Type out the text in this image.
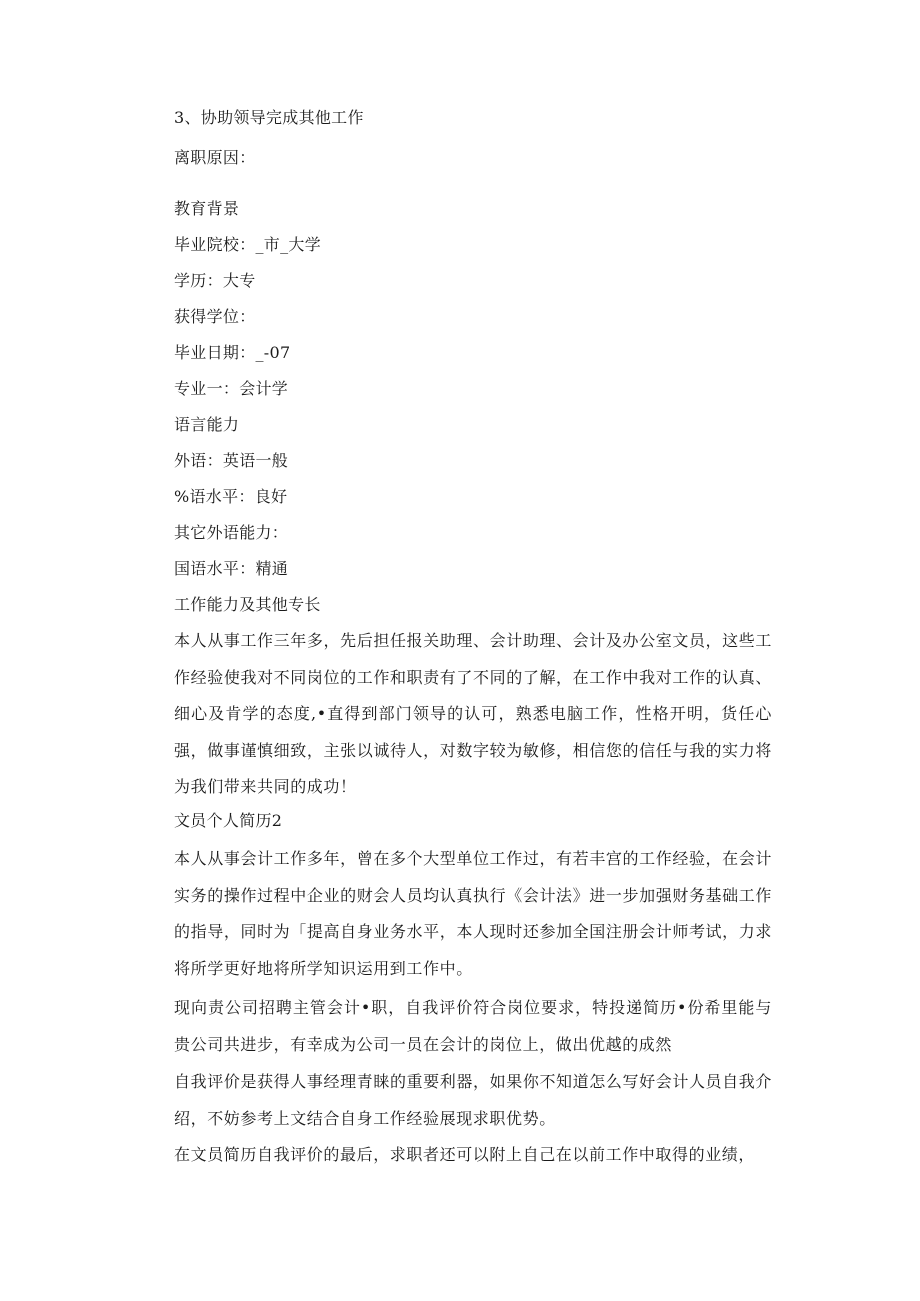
3、协助领导完成其他工作
离职原因：
教育背景
毕业院校：_市_大学
学历：大专
获得学位：
毕业日期：_-07
专业一：会计学
语言能力
外语：英语一般
%语水平：良好
其它外语能力：
国语水平：精通
工作能力及其他专长
本人从事工作三年多，先后担任报关助理、会计助理、会计及办公室文员，这些工作经验使我对不同岗位的工作和职责有了不同的了解，在工作中我对工作的认真、细心及肯学的态度,•直得到部门领导的认可，熟悉电脑工作，性格开明，货任心强，做事谨慎细致，主张以诚待人，对数字较为敏修，相信您的信任与我的实力将为我们带来共同的成功！
文员个人简历2
本人从事会计工作多年，曾在多个大型单位工作过，有若丰宫的工作经验，在会计实务的操作过程中企业的财会人员均认真执行《会计法》进一步加强财务基础工作的指导，同时为「提高自身业务水平，本人现时还参加全国注册会计师考试，力求将所学更好地将所学知识运用到工作中。
现向责公司招聘主管会计•职，自我评价符合岗位要求，特投递简历•份希里能与贵公司共进步，有幸成为公司一员在会计的岗位上，做出优越的成然
自我评价是获得人事经理青睐的重要利器，如果你不知道怎么写好会计人员自我介绍，不妨参考上文结合自身工作经验展现求职优势。
在文员简历自我评价的最后，求职者还可以附上自己在以前工作中取得的业绩，
